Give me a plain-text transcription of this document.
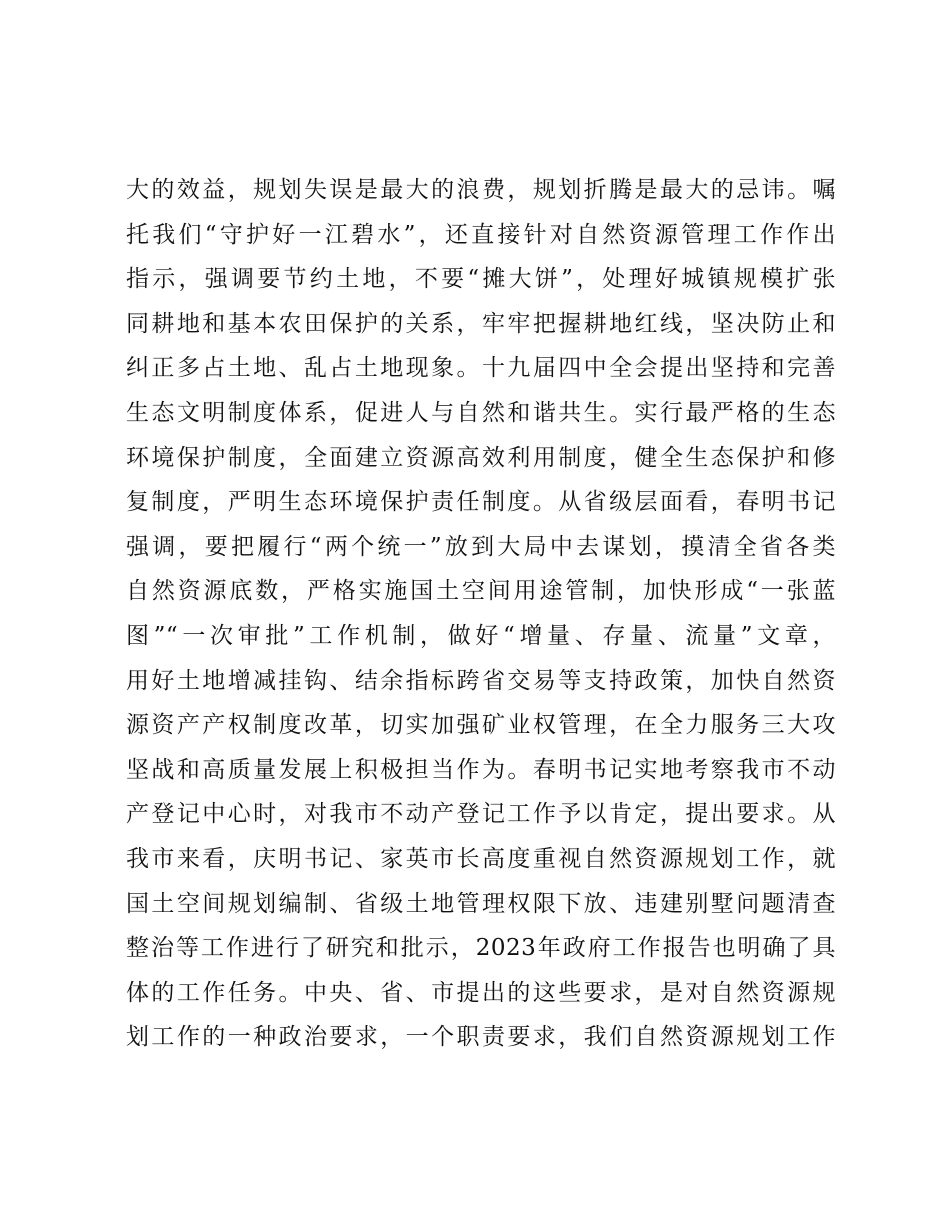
大的效益，规划失误是最大的浪费，规划折腾是最大的忌讳。嘱
托我们“守护好一江碧水”，还直接针对自然资源管理工作作出
指示，强调要节约土地，不要“摊大饼”，处理好城镇规模扩张
同耕地和基本农田保护的关系，牢牢把握耕地红线，坚决防止和
纠正多占土地、乱占土地现象。十九届四中全会提出坚持和完善
生态文明制度体系，促进人与自然和谐共生。实行最严格的生态
环境保护制度，全面建立资源高效利用制度，健全生态保护和修
复制度，严明生态环境保护责任制度。从省级层面看，春明书记
强调，要把履行“两个统一”放到大局中去谋划，摸清全省各类
自然资源底数，严格实施国土空间用途管制，加快形成“一张蓝
图”“一次审批”工作机制，做好“增量、存量、流量”文章，
用好土地增减挂钩、结余指标跨省交易等支持政策，加快自然资
源资产产权制度改革，切实加强矿业权管理，在全力服务三大攻
坚战和高质量发展上积极担当作为。春明书记实地考察我市不动
产登记中心时，对我市不动产登记工作予以肯定，提出要求。从
我市来看，庆明书记、家英市长高度重视自然资源规划工作，就
国土空间规划编制、省级土地管理权限下放、违建别墅问题清查
整治等工作进行了研究和批示，2023年政府工作报告也明确了具
体的工作任务。中央、省、市提出的这些要求，是对自然资源规
划工作的一种政治要求，一个职责要求，我们自然资源规划工作
